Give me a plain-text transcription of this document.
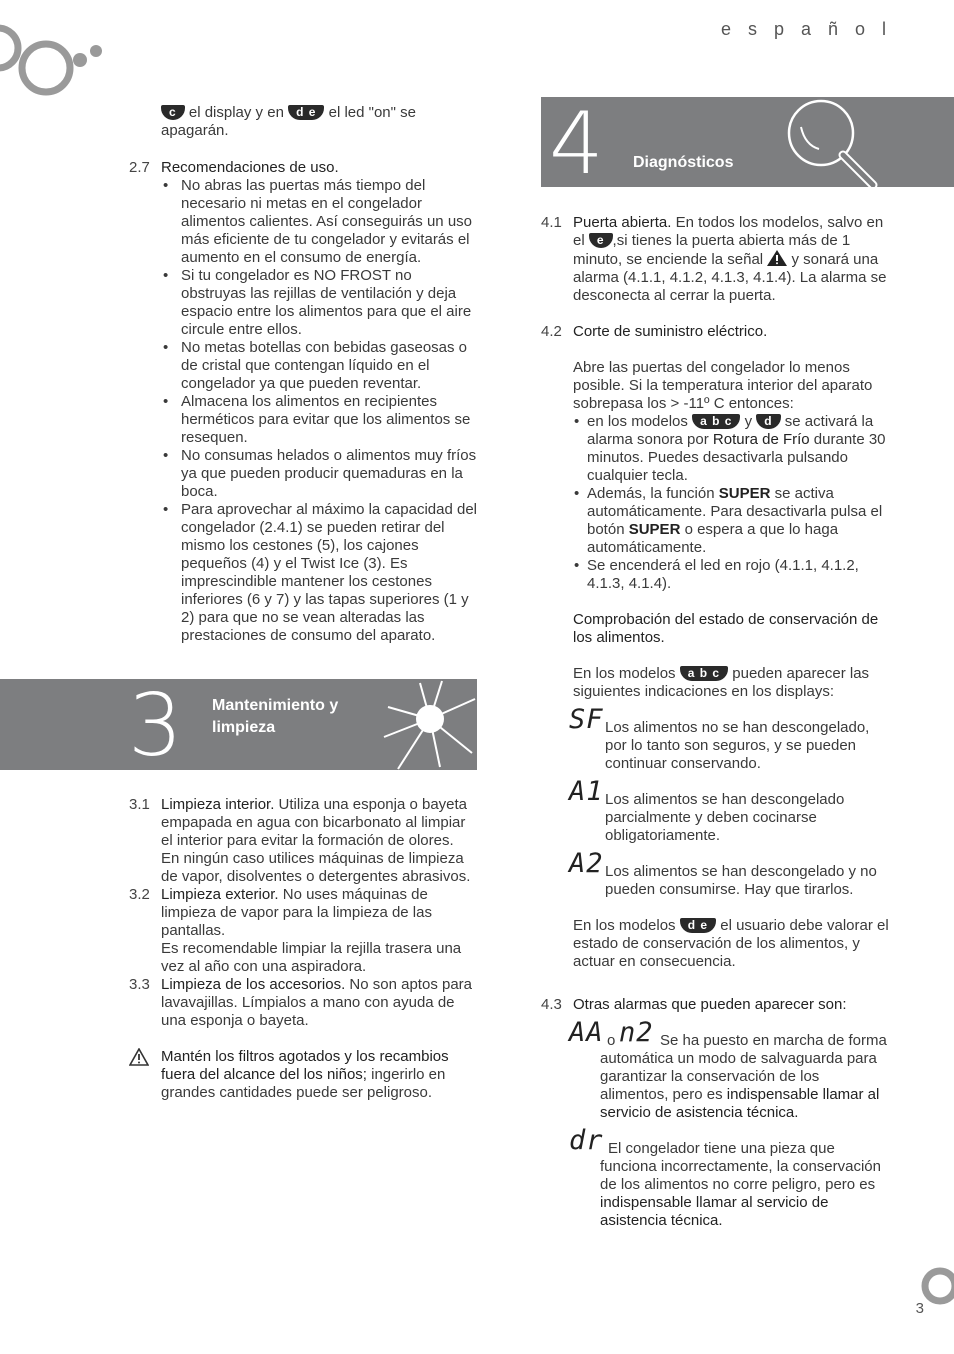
e s p a ñ o l
c el display y en d e el led "on" se apagarán.
2.7 Recomendaciones de uso.
• No abras las puertas más tiempo del necesario ni metas en el congelador alimentos calientes. Así conseguirás un uso más eficiente de tu congelador y evitarás el aumento en el consumo de energía.
• Si tu congelador es NO FROST no obstruyas las rejillas de ventilación y deja espacio entre los alimentos para que el aire circule entre ellos.
• No metas botellas con bebidas gaseosas o de cristal que contengan líquido en el congelador ya que pueden reventar.
• Almacena los alimentos en recipientes herméticos para evitar que los alimentos se resequen.
• No consumas helados o alimentos muy fríos ya que pueden producir quemaduras en la boca.
• Para aprovechar al máximo la capacidad del congelador (2.4.1) se pueden retirar del mismo los cestones (5), los cajones pequeños (4) y el Twist Ice (3). Es imprescindible mantener los cestones inferiores (6 y 7) y las tapas superiores (1 y 2) para que no se vean alteradas las prestaciones de consumo del aparato.
3 Mantenimiento y
limpieza
3.1 Limpieza interior. Utiliza una esponja o bayeta empapada en agua con bicarbonato al limpiar el interior para evitar la formación de olores.
En ningún caso utilices máquinas de limpieza de vapor, disolventes o detergentes abrasivos.
3.2 Limpieza exterior. No uses máquinas de limpieza de vapor para la limpieza de las pantallas.
Es recomendable limpiar la rejilla trasera una vez al año con una aspiradora.
3.3 Limpieza de los accesorios. No son aptos para lavavajillas. Límpialos a mano con ayuda de una esponja o bayeta.
Mantén los filtros agotados y los recambios fuera del alcance del los niños; ingerirlo en grandes cantidades puede ser peligroso.
4 Diagnósticos
4.1 Puerta abierta. En todos los modelos, salvo en el e ,si tienes la puerta abierta más de 1 minuto, se enciende la señal y sonará una alarma (4.1.1, 4.1.2, 4.1.3, 4.1.4). La alarma se desconecta al cerrar la puerta.
4.2 Corte de suministro eléctrico.
Abre las puertas del congelador lo menos posible. Si la temperatura interior del aparato sobrepasa los > -11º C entonces:
• en los modelos a b c y d se activará la alarma sonora por Rotura de Frío durante 30 minutos. Puedes desactivarla pulsando cualquier tecla.
• Además, la función SUPER se activa automáticamente. Para desactivarla pulsa el botón SUPER o espera a que lo haga automáticamente.
• Se encenderá el led en rojo (4.1.1, 4.1.2, 4.1.3, 4.1.4).
Comprobación del estado de conservación de los alimentos.
En los modelos a b c pueden aparecer las siguientes indicaciones en los displays:
SF Los alimentos no se han descongelado, por lo tanto son seguros, y se pueden continuar conservando.
A1 Los alimentos se han descongelado parcialmente y deben cocinarse obligatoriamente.
A2 Los alimentos se han descongelado y no pueden consumirse. Hay que tirarlos.
En los modelos d e el usuario debe valorar el estado de conservación de los alimentos, y actuar en consecuencia.
4.3 Otras alarmas que pueden aparecer son:
AA o n2 Se ha puesto en marcha de forma automática un modo de salvaguarda para garantizar la conservación de los alimentos, pero es indispensable llamar al servicio de asistencia técnica.
dr El congelador tiene una pieza que funciona incorrectamente, la conservación de los alimentos no corre peligro, pero es indispensable llamar al servicio de asistencia técnica.
3
